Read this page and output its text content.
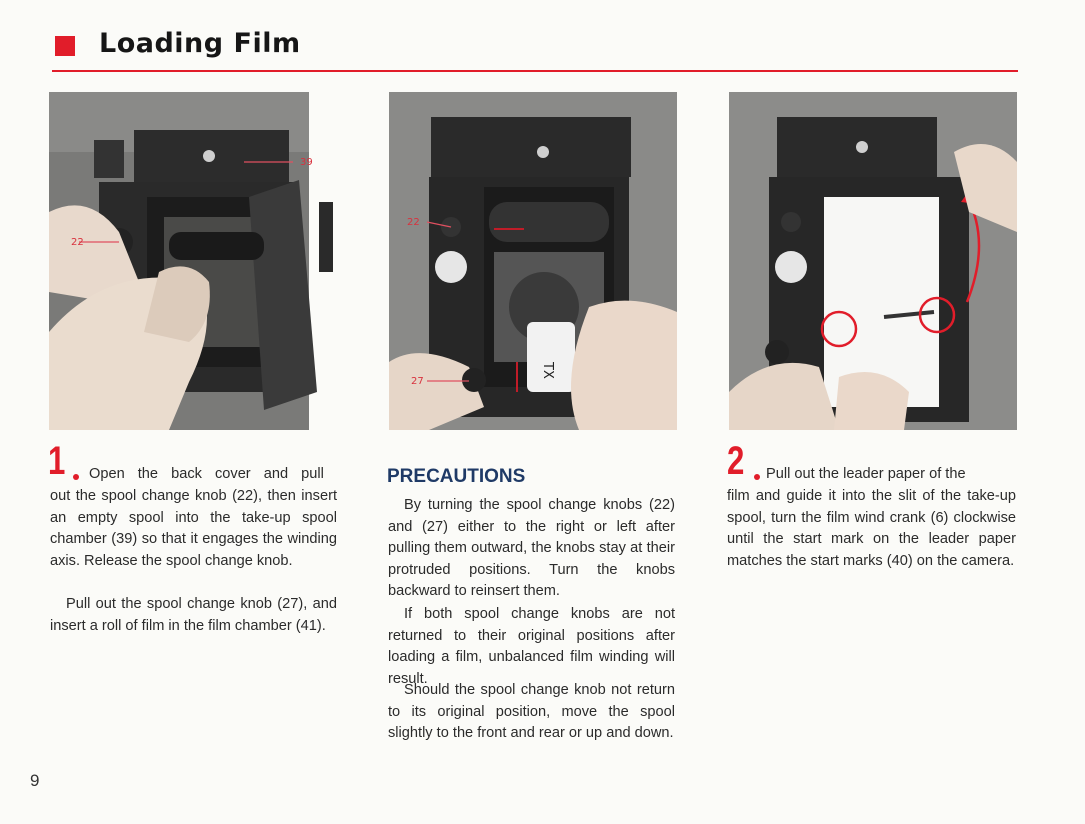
Loading Film
39
22
TX
22
27
1 Open the back cover and pull

out the spool change knob (22), then insert an empty spool into the take-up spool chamber (39) so that it engages the winding axis. Release the spool change knob.

Pull out the spool change knob (27), and insert a roll of film in the film chamber (41).

PRECAUTIONS

By turning the spool change knobs (22) and (27) either to the right or left after pulling them outward, the knobs stay at their protruded positions. Turn the knobs backward to reinsert them.

If both spool change knobs are not returned to their original positions after loading a film, unbalanced film winding will result.

Should the spool change knob not return to its original position, move the spool slightly to the front and rear or up and down.

2 Pull out the leader paper of the

film and guide it into the slit of the take-up spool, turn the film wind crank (6) clockwise until the start mark on the leader paper matches the start marks (40) on the camera.

9
